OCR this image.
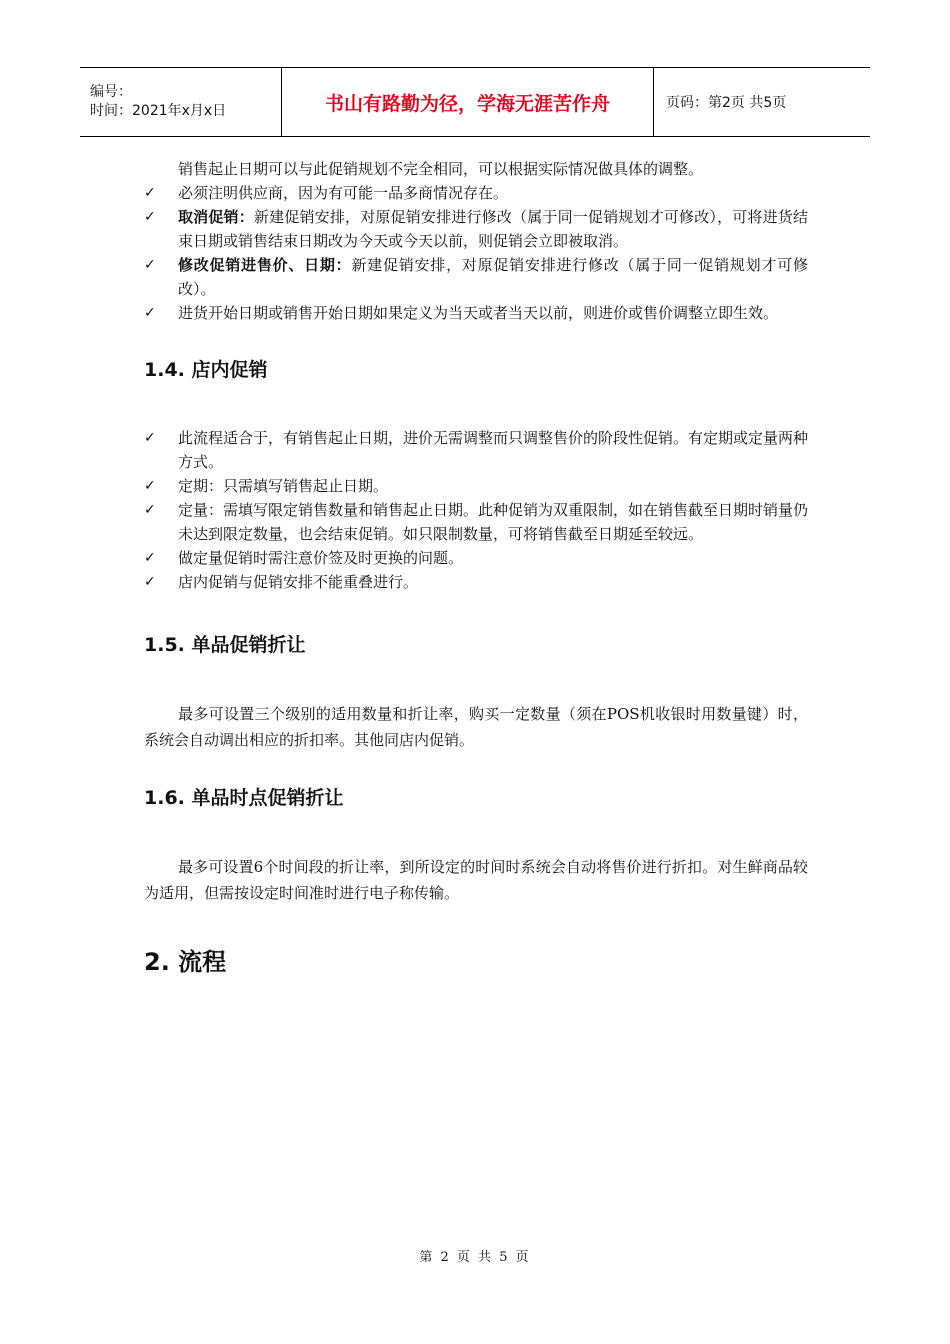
编号：
时间：2021年x月x日	书山有路勤为径，学海无涯苦作舟	页码：第2页 共5页

销售起止日期可以与此促销规划不完全相同，可以根据实际情况做具体的调整。

✓ 必须注明供应商，因为有可能一品多商情况存在。
✓ 取消促销：新建促销安排，对原促销安排进行修改（属于同一促销规划才可修改），可将进货结束日期或销售结束日期改为今天或今天以前，则促销会立即被取消。
✓ 修改促销进售价、日期：新建促销安排，对原促销安排进行修改（属于同一促销规划才可修改）。
✓ 进货开始日期或销售开始日期如果定义为当天或者当天以前，则进价或售价调整立即生效。
1.4. 店内促销
✓ 此流程适合于，有销售起止日期，进价无需调整而只调整售价的阶段性促销。有定期或定量两种方式。
✓ 定期：只需填写销售起止日期。
✓ 定量：需填写限定销售数量和销售起止日期。此种促销为双重限制，如在销售截至日期时销量仍未达到限定数量，也会结束促销。如只限制数量，可将销售截至日期延至较远。
✓ 做定量促销时需注意价签及时更换的问题。
✓ 店内促销与促销安排不能重叠进行。
1.5. 单品促销折让

最多可设置三个级别的适用数量和折让率，购买一定数量（须在POS机收银时用数量键）时，系统会自动调出相应的折扣率。其他同店内促销。

1.6. 单品时点促销折让

最多可设置6个时间段的折让率，到所设定的时间时系统会自动将售价进行折扣。对生鲜商品较为适用，但需按设定时间准时进行电子称传输。

2. 流程
第 2 页 共 5 页
